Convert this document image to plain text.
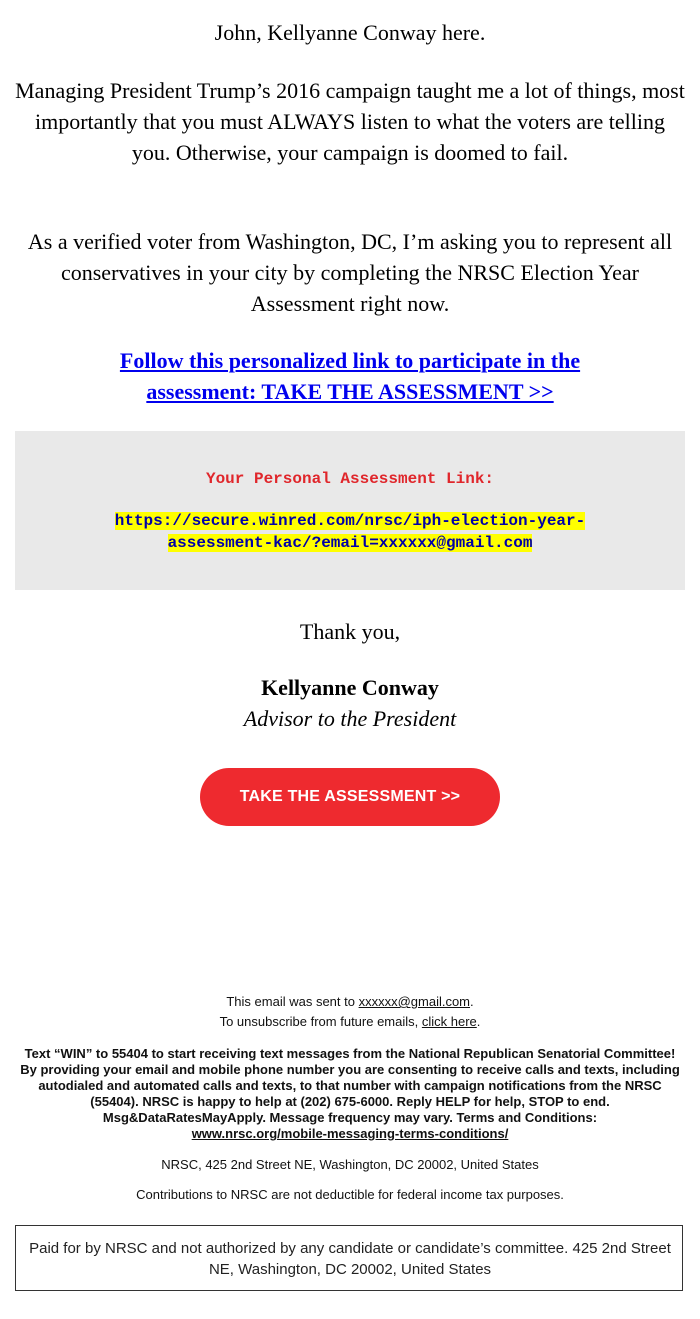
John, Kellyanne Conway here.

Managing President Trump’s 2016 campaign taught me a lot of things, most importantly that you must ALWAYS listen to what the voters are telling you. Otherwise, your campaign is doomed to fail.

As a verified voter from Washington, DC, I’m asking you to represent all conservatives in your city by completing the NRSC Election Year Assessment right now.

Follow this personalized link to participate in the
assessment: TAKE THE ASSESSMENT >>

Your Personal Assessment Link:
https://secure.winred.com/nrsc/iph-election-year-
assessment-kac/?email=xxxxxx@gmail.com

Thank you,

Kellyanne Conway

Advisor to the President

TAKE THE ASSESSMENT >>

This email was sent to xxxxxx@gmail.com.

To unsubscribe from future emails, click here.

Text “WIN” to 55404 to start receiving text messages from the National Republican Senatorial Committee! By providing your email and mobile phone number you are consenting to receive calls and texts, including autodialed and automated calls and texts, to that number with campaign notifications from the NRSC (55404). NRSC is happy to help at (202) 675-6000. Reply HELP for help, STOP to end. Msg&DataRatesMayApply. Message frequency may vary. Terms and Conditions:
www.nrsc.org/mobile-messaging-terms-conditions/

NRSC, 425 2nd Street NE, Washington, DC 20002, United States

Contributions to NRSC are not deductible for federal income tax purposes.

Paid for by NRSC and not authorized by any candidate or candidate’s committee. 425 2nd Street NE, Washington, DC 20002, United States
